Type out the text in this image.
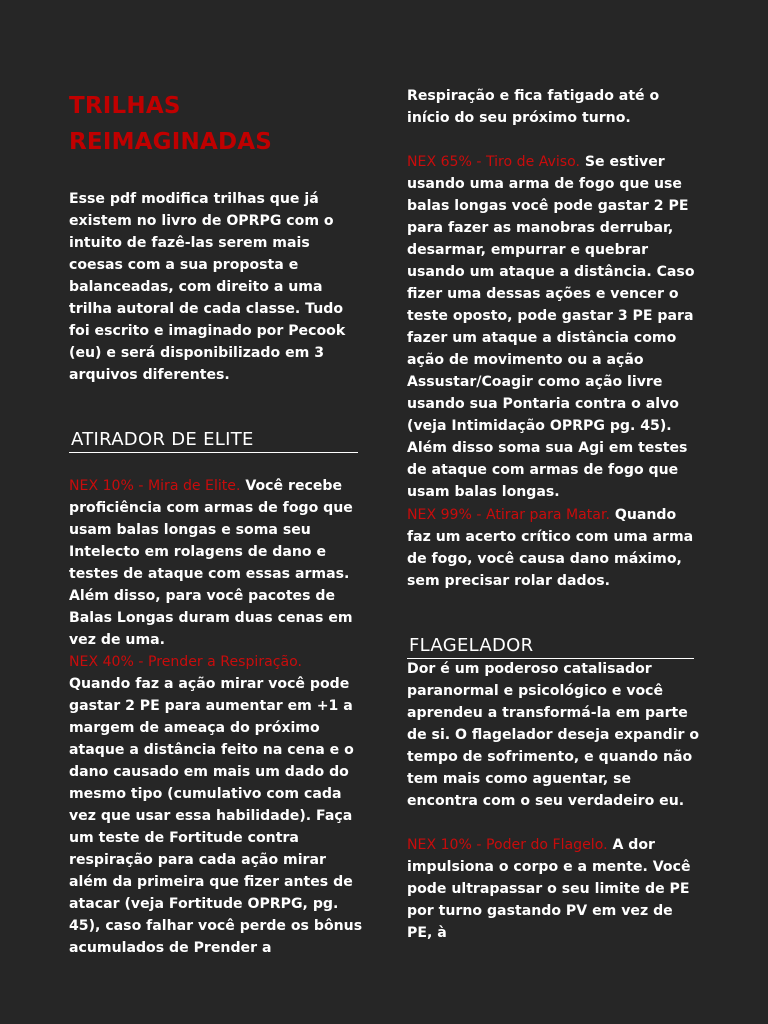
TRILHAS
REIMAGINADAS

Esse pdf modifica trilhas que já existem no livro de OPRPG com o intuito de fazê-las serem mais coesas com a sua proposta e balanceadas, com direito a uma trilha autoral de cada classe. Tudo foi escrito e imaginado por Pecook (eu) e será disponibilizado em 3 arquivos diferentes.

ATIRADOR DE ELITE

NEX 10% - Mira de Elite. Você recebe proficiência com armas de fogo que usam balas longas e soma seu Intelecto em rolagens de dano e testes de ataque com essas armas. Além disso, para você pacotes de Balas Longas duram duas cenas em vez de uma.

NEX 40% - Prender a Respiração. Quando faz a ação mirar você pode gastar 2 PE para aumentar em +1 a margem de ameaça do próximo ataque a distância feito na cena e o dano causado em mais um dado do mesmo tipo (cumulativo com cada vez que usar essa habilidade). Faça um teste de Fortitude contra respiração para cada ação mirar além da primeira que fizer antes de atacar (veja Fortitude OPRPG, pg. 45), caso falhar você perde os bônus acumulados de Prender a

Respiração e fica fatigado até o início do seu próximo turno.

NEX 65% - Tiro de Aviso. Se estiver usando uma arma de fogo que use balas longas você pode gastar 2 PE para fazer as manobras derrubar, desarmar, empurrar e quebrar usando um ataque a distância. Caso fizer uma dessas ações e vencer o teste oposto, pode gastar 3 PE para fazer um ataque a distância como ação de movimento ou a ação Assustar/Coagir como ação livre usando sua Pontaria contra o alvo (veja Intimidação OPRPG pg. 45). Além disso soma sua Agi em testes de ataque com armas de fogo que usam balas longas.

NEX 99% - Atirar para Matar. Quando faz um acerto crítico com uma arma de fogo, você causa dano máximo, sem precisar rolar dados.

FLAGELADOR

Dor é um poderoso catalisador paranormal e psicológico e você aprendeu a transformá-la em parte de si. O flagelador deseja expandir o tempo de sofrimento, e quando não tem mais como aguentar, se encontra com o seu verdadeiro eu.

NEX 10% - Poder do Flagelo. A dor impulsiona o corpo e a mente. Você pode ultrapassar o seu limite de PE por turno gastando PV em vez de PE, à
